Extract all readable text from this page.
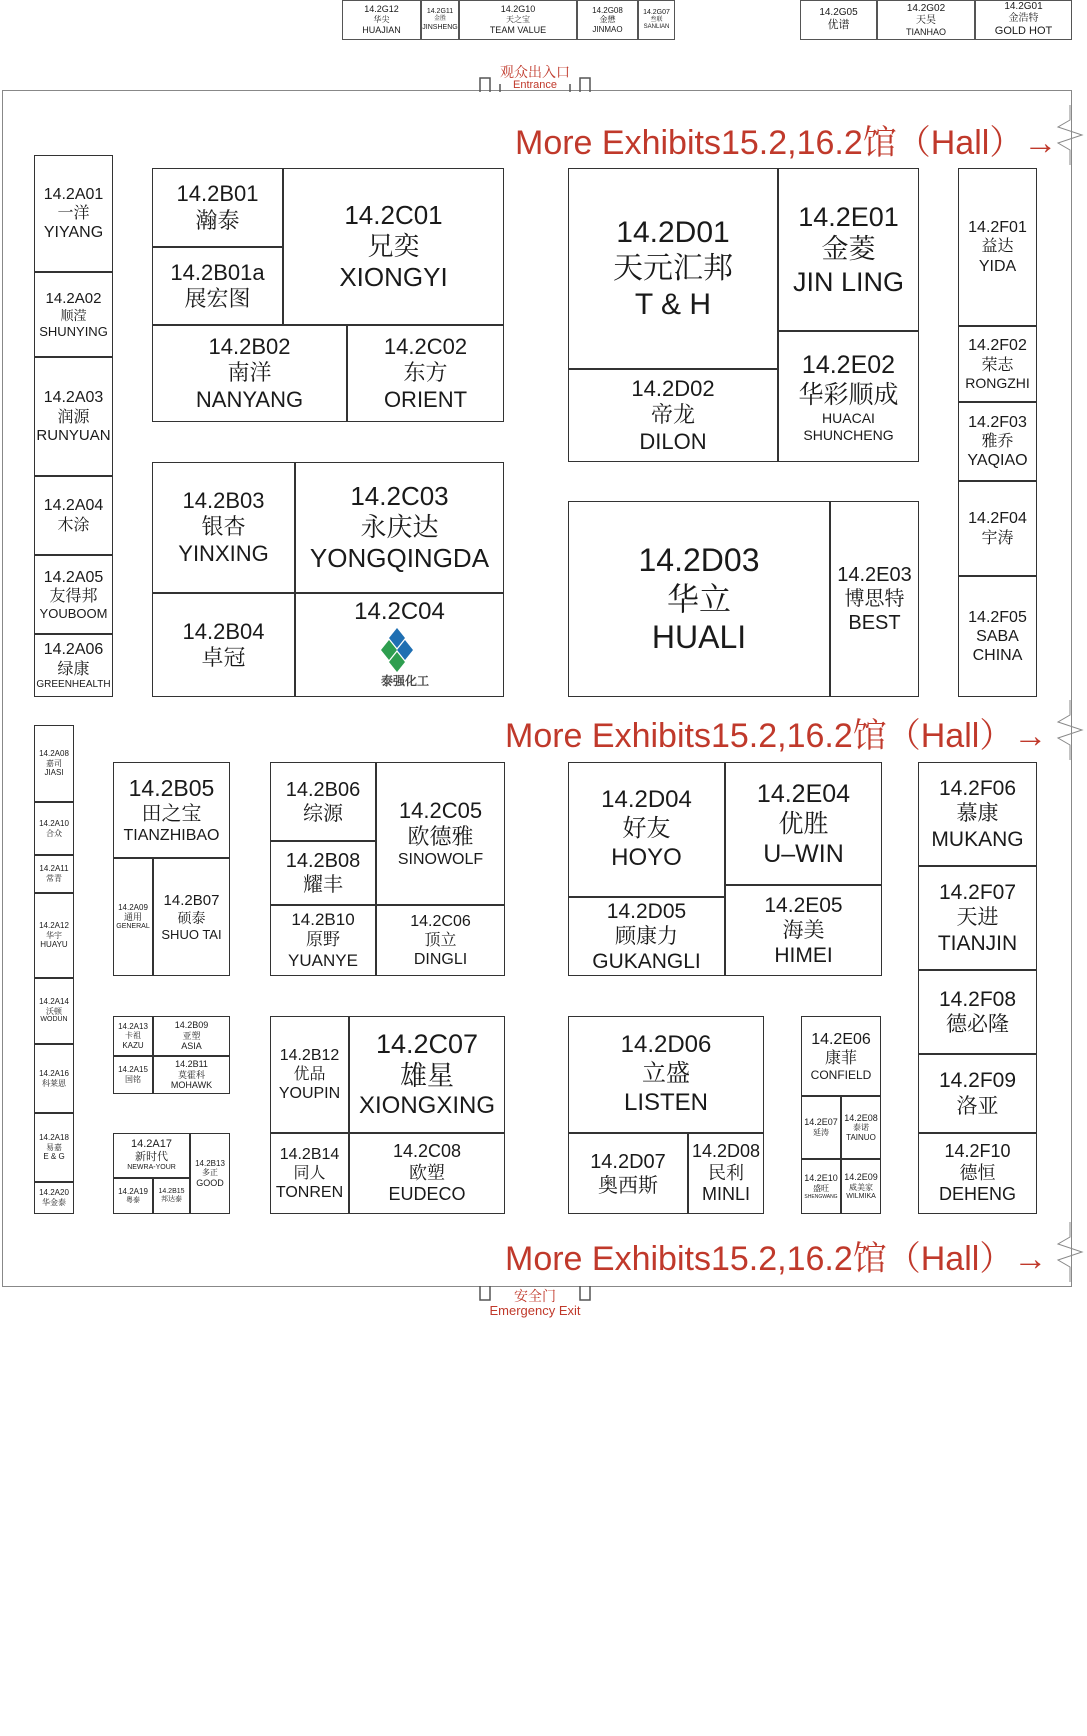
观众出入口
Entrance
安全门
Emergency Exit
More Exhibits15.2,16.2馆（Hall）→
More Exhibits15.2,16.2馆（Hall）→
More Exhibits15.2,16.2馆（Hall）→
14.2G12
华尖
HUAJIAN
14.2G11
金胜
JINSHENG
14.2G10
天之宝
TEAM VALUE
14.2G08
金懋
JINMAO
14.2G07
叁联
SANLIAN
14.2G05
优谱
14.2G02
天昊
TIANHAO
14.2G01
金浩特
GOLD HOT
14.2A01
一洋
YIYANG
14.2A02
顺滢
SHUNYING
14.2A03
润源
RUNYUAN
14.2A04
木涂
14.2A05
友得邦
YOUBOOM
14.2A06
绿康
GREENHEALTH
14.2B01
瀚泰
14.2B01a
展宏图
14.2C01
兄奕
XIONGYI
14.2B02
南洋
NANYANG
14.2C02
东方
ORIENT
14.2D01
天元汇邦
T & H
14.2E01
金菱
JIN LING
14.2D02
帝龙
DILON
14.2E02
华彩顺成
HUACAI
SHUNCHENG
14.2F01
益达
YIDA
14.2F02
荣志
RONGZHI
14.2F03
雅乔
YAQIAO
14.2F04
宇涛
14.2F05
SABA
CHINA
14.2B03
银杏
YINXING
14.2C03
永庆达
YONGQINGDA
14.2B04
卓冠
14.2C04
14.2D03
华立
HUALI
14.2E03
博思特
BEST
14.2A08
嘉司
JIASI
14.2A10
合众
14.2A11
常青
14.2A12
华宇
HUAYU
14.2A14
沃顿
WODUN
14.2A16
科莱恩
14.2A18
易嘉
E & G
14.2A20
华金泰
14.2B05
田之宝
TIANZHIBAO
14.2A09
通用
GENERAL
14.2B07
硕泰
SHUO TAI
14.2B06
综源	14.2C05
欧德雅
SINOWOLF
14.2B08
耀丰
14.2B10
原野
YUANYE
14.2C06
顶立
DINGLI
14.2D04
好友
HOYO
14.2E04
优胜
U–WIN
14.2D05
顾康力
GUKANGLI
14.2E05
海美
HIMEI
14.2F06
慕康
MUKANG
14.2F07
天进
TIANJIN
14.2F08
德必隆
14.2F09
洛亚
14.2F10
德恒
DEHENG
14.2A13
卡祖
KAZU
14.2B09
亚塑
ASIA
14.2A15
国铭
14.2B11
莫霍科
MOHAWK
14.2A17
新时代
NEWRA-YOUR
14.2A19
粤泰
14.2B15
邦达泰
14.2B13
多正
GOOD
14.2B12
优品
YOUPIN
14.2C07
雄星
XIONGXING
14.2B14
同人
TONREN
14.2C08
欧塑
EUDECO
14.2D06
立盛
LISTEN
14.2D07
奥西斯
14.2D08
民利
MINLI
14.2E06
康菲
CONFIELD
14.2E07
延涛
14.2E08
泰诺
TAINUO
14.2E10
盛旺
SHENGWANG
14.2E09
威美家
WILMIKA
泰强化工
